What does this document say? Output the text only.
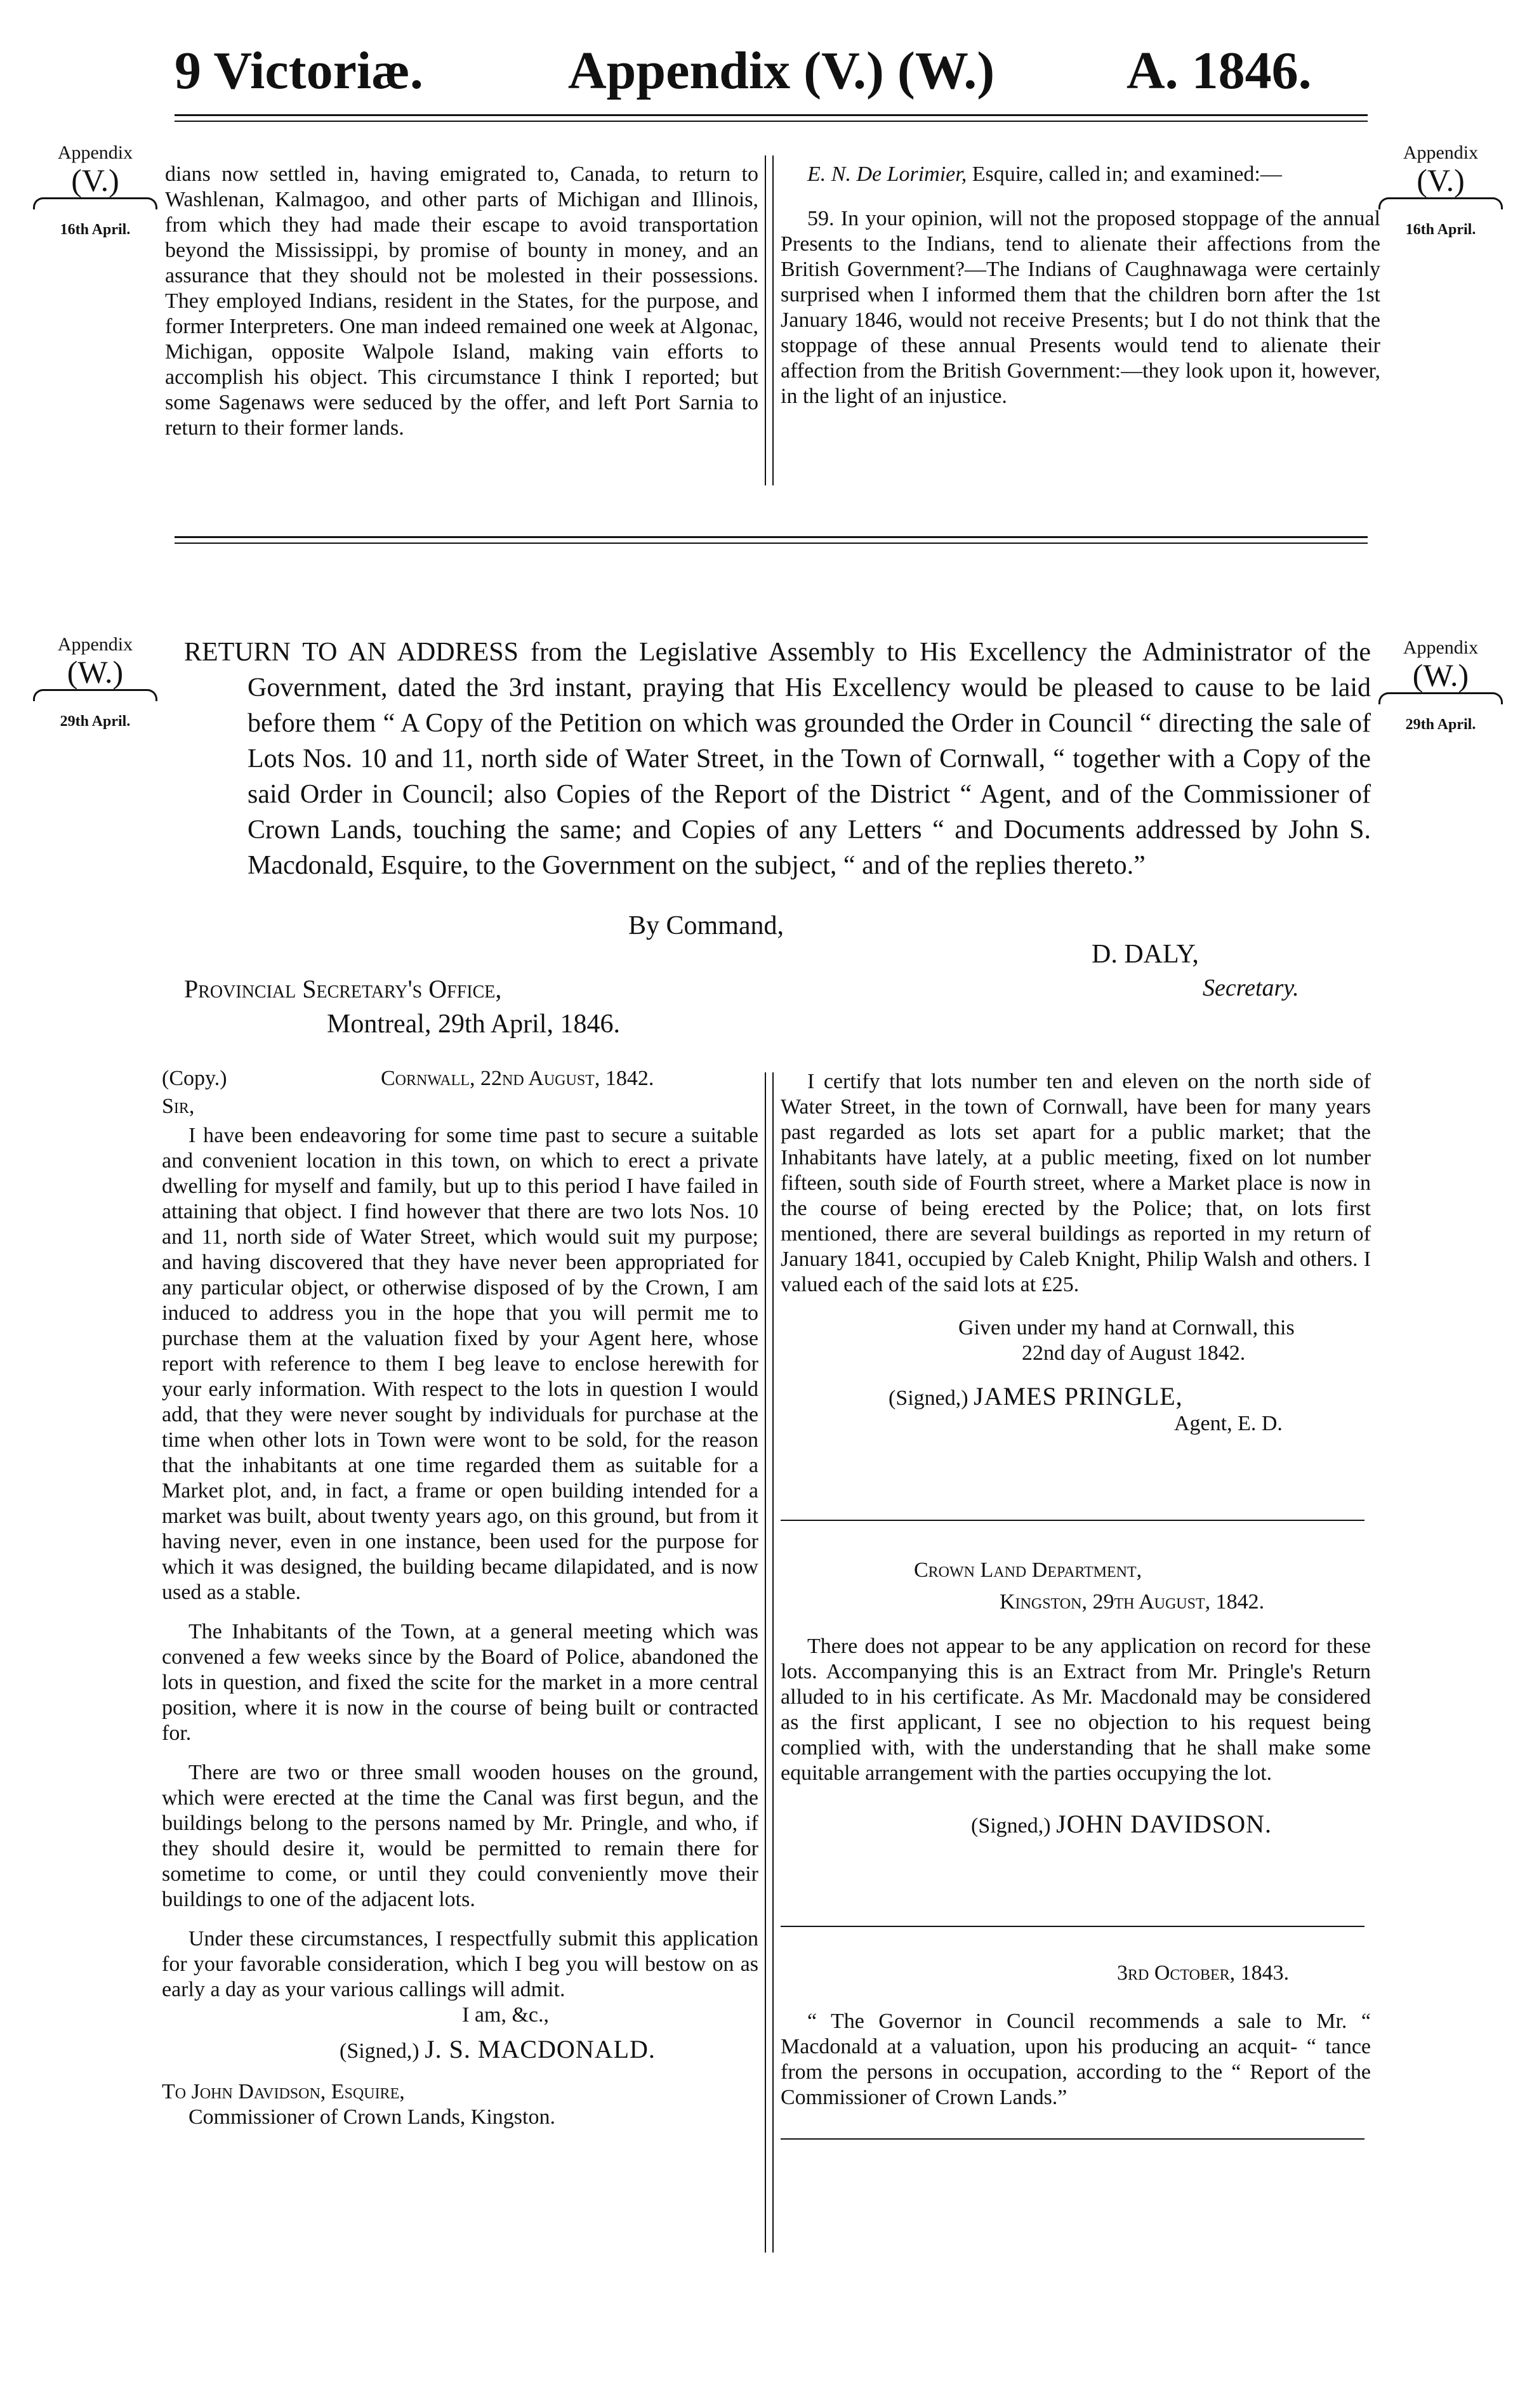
9 Victoriæ.	Appendix (V.) (W.) A. 1846.
Appendix
(V.)
16th April.
Appendix
(V.)
16th April.

dians now settled in, having emigrated to, Canada, to return to Washlenan, Kalmagoo, and other parts of Michigan and Illinois, from which they had made their escape to avoid transportation beyond the Mississippi, by promise of bounty in money, and an assurance that they should not be molested in their possessions. They employed Indians, resident in the States, for the purpose, and former Interpreters. One man indeed remained one week at Algonac, Michigan, opposite Walpole Island, making vain efforts to accomplish his object. This circumstance I think I reported; but some Sagenaws were seduced by the offer, and left Port Sarnia to return to their former lands.

E. N. De Lorimier, Esquire, called in; and examined:—

59. In your opinion, will not the proposed stoppage of the annual Presents to the Indians, tend to alienate their affections from the British Government?—The Indians of Caughnawaga were certainly surprised when I informed them that the children born after the 1st January 1846, would not receive Presents; but I do not think that the stoppage of these annual Presents would tend to alienate their affection from the British Government:—they look upon it, however, in the light of an injustice.

Appendix
(W.)
29th April.
Appendix
(W.)
29th April.
RETURN TO AN ADDRESS from the Legislative Assembly to His Excellency the Administrator of the Government, dated the 3rd instant, praying that His Excellency would be pleased to cause to be laid before them “ A Copy of the Petition on which was grounded the Order in Council “ directing the sale of Lots Nos. 10 and 11, north side of Water Street, in the Town of Cornwall, “ together with a Copy of the said Order in Council; also Copies of the Report of the District “ Agent, and of the Commissioner of Crown Lands, touching the same; and Copies of any Letters “ and Documents addressed by John S. Macdonald, Esquire, to the Government on the subject, “ and of the replies thereto.”
By Command,
D. DALY,
Secretary.
Provincial Secretary's Office,
Montreal, 29th April, 1846.
(Copy.)	Cornwall, 22nd August, 1842.

Sir,

I have been endeavoring for some time past to secure a suitable and convenient location in this town, on which to erect a private dwelling for myself and family, but up to this period I have failed in attaining that object. I find however that there are two lots Nos. 10 and 11, north side of Water Street, which would suit my purpose; and having discovered that they have never been appropriated for any particular object, or otherwise disposed of by the Crown, I am induced to address you in the hope that you will permit me to purchase them at the valuation fixed by your Agent here, whose report with reference to them I beg leave to enclose herewith for your early information. With respect to the lots in question I would add, that they were never sought by individuals for purchase at the time when other lots in Town were wont to be sold, for the reason that the inhabitants at one time regarded them as suitable for a Market plot, and, in fact, a frame or open building intended for a market was built, about twenty years ago, on this ground, but from it having never, even in one instance, been used for the purpose for which it was designed, the building became dilapidated, and is now used as a stable.

The Inhabitants of the Town, at a general meeting which was convened a few weeks since by the Board of Police, abandoned the lots in question, and fixed the scite for the market in a more central position, where it is now in the course of being built or contracted for.

There are two or three small wooden houses on the ground, which were erected at the time the Canal was first begun, and the buildings belong to the persons named by Mr. Pringle, and who, if they should desire it, would be permitted to remain there for sometime to come, or until they could conveniently move their buildings to one of the adjacent lots.

Under these circumstances, I respectfully submit this application for your favorable consideration, which I beg you will bestow on as early a day as your various callings will admit.

I am, &c.,

(Signed,) J. S. MACDONALD.

To John Davidson, Esquire,

Commissioner of Crown Lands, Kingston.

I certify that lots number ten and eleven on the north side of Water Street, in the town of Cornwall, have been for many years past regarded as lots set apart for a public market; that the Inhabitants have lately, at a public meeting, fixed on lot number fifteen, south side of Fourth street, where a Market place is now in the course of being erected by the Police; that, on lots first mentioned, there are several buildings as reported in my return of January 1841, occupied by Caleb Knight, Philip Walsh and others. I valued each of the said lots at £25.

Given under my hand at Cornwall, this

22nd day of August 1842.

(Signed,) JAMES PRINGLE,

Agent, E. D.

Crown Land Department,

Kingston, 29th August, 1842.

There does not appear to be any application on record for these lots. Accompanying this is an Extract from Mr. Pringle's Return alluded to in his certificate. As Mr. Macdonald may be considered as the first applicant, I see no objection to his request being complied with, with the understanding that he shall make some equitable arrangement with the parties occupying the lot.

(Signed,) JOHN DAVIDSON.

3rd October, 1843.

“ The Governor in Council recommends a sale to Mr. “ Macdonald at a valuation, upon his producing an acquit- “ tance from the persons in occupation, according to the “ Report of the Commissioner of Crown Lands.”
